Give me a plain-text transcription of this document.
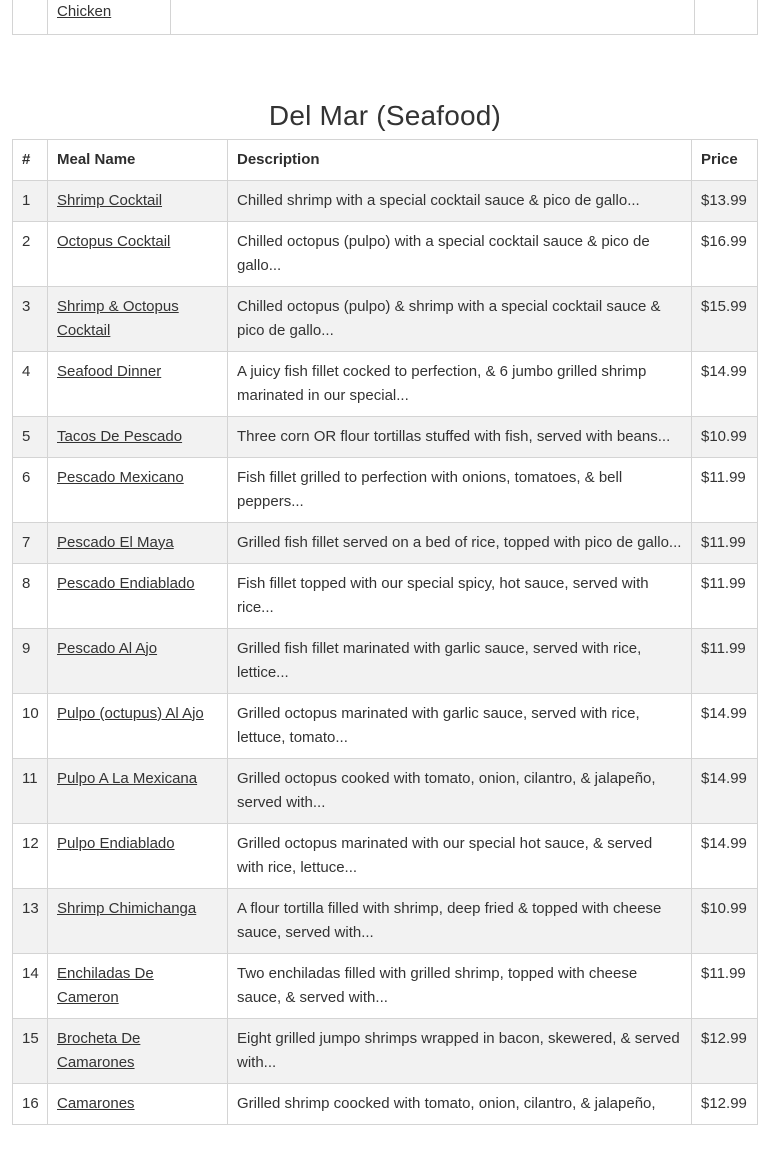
	Chicken		
Del Mar (Seafood)
#	Meal Name	Description	Price
1	Shrimp Cocktail	Chilled shrimp with a special cocktail sauce & pico de gallo...	$13.99
2	Octopus Cocktail	Chilled octopus (pulpo) with a special cocktail sauce & pico de gallo...	$16.99
3	Shrimp & Octopus Cocktail	Chilled octopus (pulpo) & shrimp with a special cocktail sauce & pico de gallo...	$15.99
4	Seafood Dinner	A juicy fish fillet cocked to perfection, & 6 jumbo grilled shrimp marinated in our special...	$14.99
5	Tacos De Pescado	Three corn OR flour tortillas stuffed with fish, served with beans...	$10.99
6	Pescado Mexicano	Fish fillet grilled to perfection with onions, tomatoes, & bell peppers...	$11.99
7	Pescado El Maya	Grilled fish fillet served on a bed of rice, topped with pico de gallo...	$11.99
8	Pescado Endiablado	Fish fillet topped with our special spicy, hot sauce, served with rice...	$11.99
9	Pescado Al Ajo	Grilled fish fillet marinated with garlic sauce, served with rice, lettice...	$11.99
10	Pulpo (octupus) Al Ajo	Grilled octopus marinated with garlic sauce, served with rice, lettuce, tomato...	$14.99
11	Pulpo A La Mexicana	Grilled octopus cooked with tomato, onion, cilantro, & jalapeño, served with...	$14.99
12	Pulpo Endiablado	Grilled octopus marinated with our special hot sauce, & served with rice, lettuce...	$14.99
13	Shrimp Chimichanga	A flour tortilla filled with shrimp, deep fried & topped with cheese sauce, served with...	$10.99
14	Enchiladas De Cameron	Two enchiladas filled with grilled shrimp, topped with cheese sauce, & served with...	$11.99
15	Brocheta De Camarones	Eight grilled jumpo shrimps wrapped in bacon, skewered, & served with...	$12.99
16	Camarones	Grilled shrimp coocked with tomato, onion, cilantro, & jalapeño,	$12.99
